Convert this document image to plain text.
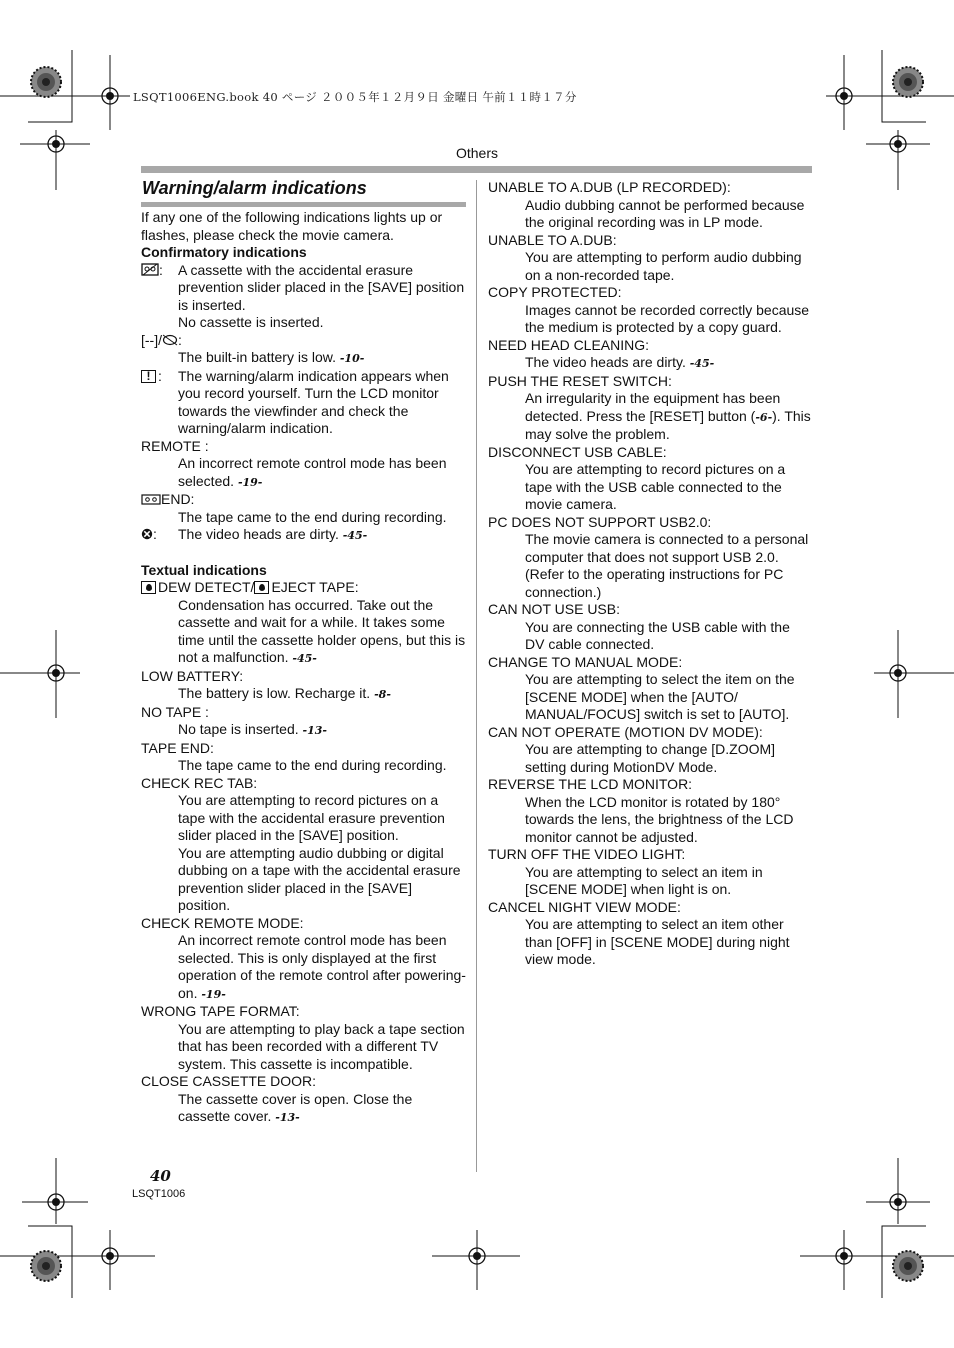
LSQT1006ENG.book 40 ページ ２００５年１２月９日 金曜日 午前１１時１７分
Others
Warning/alarm indications

If any one of the following indications lights up or flashes, please check the movie camera.

Confirmatory indications

:	A cassette with the accidental erasure prevention slider placed in the [SAVE] position is inserted.

No cassette is inserted.

[--]/ :

The built-in battery is low. -10-

! :	The warning/alarm indication appears when you record yourself. Turn the LCD monitor towards the viewfinder and check the warning/alarm indication.

REMOTE :

An incorrect remote control mode has been selected. -19-

END:

The tape came to the end during recording.

:	The video heads are dirty. -45-

Textual indications

DEW DETECT/ EJECT TAPE:

Condensation has occurred. Take out the cassette and wait for a while. It takes some time until the cassette holder opens, but this is not a malfunction. -45-

LOW BATTERY:

The battery is low. Recharge it. -8-

NO TAPE :

No tape is inserted. -13-

TAPE END:

The tape came to the end during recording.

CHECK REC TAB:

You are attempting to record pictures on a tape with the accidental erasure prevention slider placed in the [SAVE] position.

You are attempting audio dubbing or digital dubbing on a tape with the accidental erasure prevention slider placed in the [SAVE] position.

CHECK REMOTE MODE:

An incorrect remote control mode has been selected. This is only displayed at the first operation of the remote control after powering-on. -19-

WRONG TAPE FORMAT:

You are attempting to play back a tape section that has been recorded with a different TV system. This cassette is incompatible.

CLOSE CASSETTE DOOR:

The cassette cover is open. Close the cassette cover. -13-

UNABLE TO A.DUB (LP RECORDED):

Audio dubbing cannot be performed because the original recording was in LP mode.

UNABLE TO A.DUB:

You are attempting to perform audio dubbing on a non-recorded tape.

COPY PROTECTED:

Images cannot be recorded correctly because the medium is protected by a copy guard.

NEED HEAD CLEANING:

The video heads are dirty. -45-

PUSH THE RESET SWITCH:

An irregularity in the equipment has been detected. Press the [RESET] button (-6-). This may solve the problem.

DISCONNECT USB CABLE:

You are attempting to record pictures on a tape with the USB cable connected to the movie camera.

PC DOES NOT SUPPORT USB2.0:

The movie camera is connected to a personal computer that does not support USB 2.0. (Refer to the operating instructions for PC connection.)

CAN NOT USE USB:

You are connecting the USB cable with the DV cable connected.

CHANGE TO MANUAL MODE:

You are attempting to select the item on the [SCENE MODE] when the [AUTO/ MANUAL/FOCUS] switch is set to [AUTO].

CAN NOT OPERATE (MOTION DV MODE):

You are attempting to change [D.ZOOM] setting during MotionDV Mode.

REVERSE THE LCD MONITOR:

When the LCD monitor is rotated by 180° towards the lens, the brightness of the LCD monitor cannot be adjusted.

TURN OFF THE VIDEO LIGHT:

You are attempting to select an item in [SCENE MODE] when light is on.

CANCEL NIGHT VIEW MODE:

You are attempting to select an item other than [OFF] in [SCENE MODE] during night view mode.

40
LSQT1006
